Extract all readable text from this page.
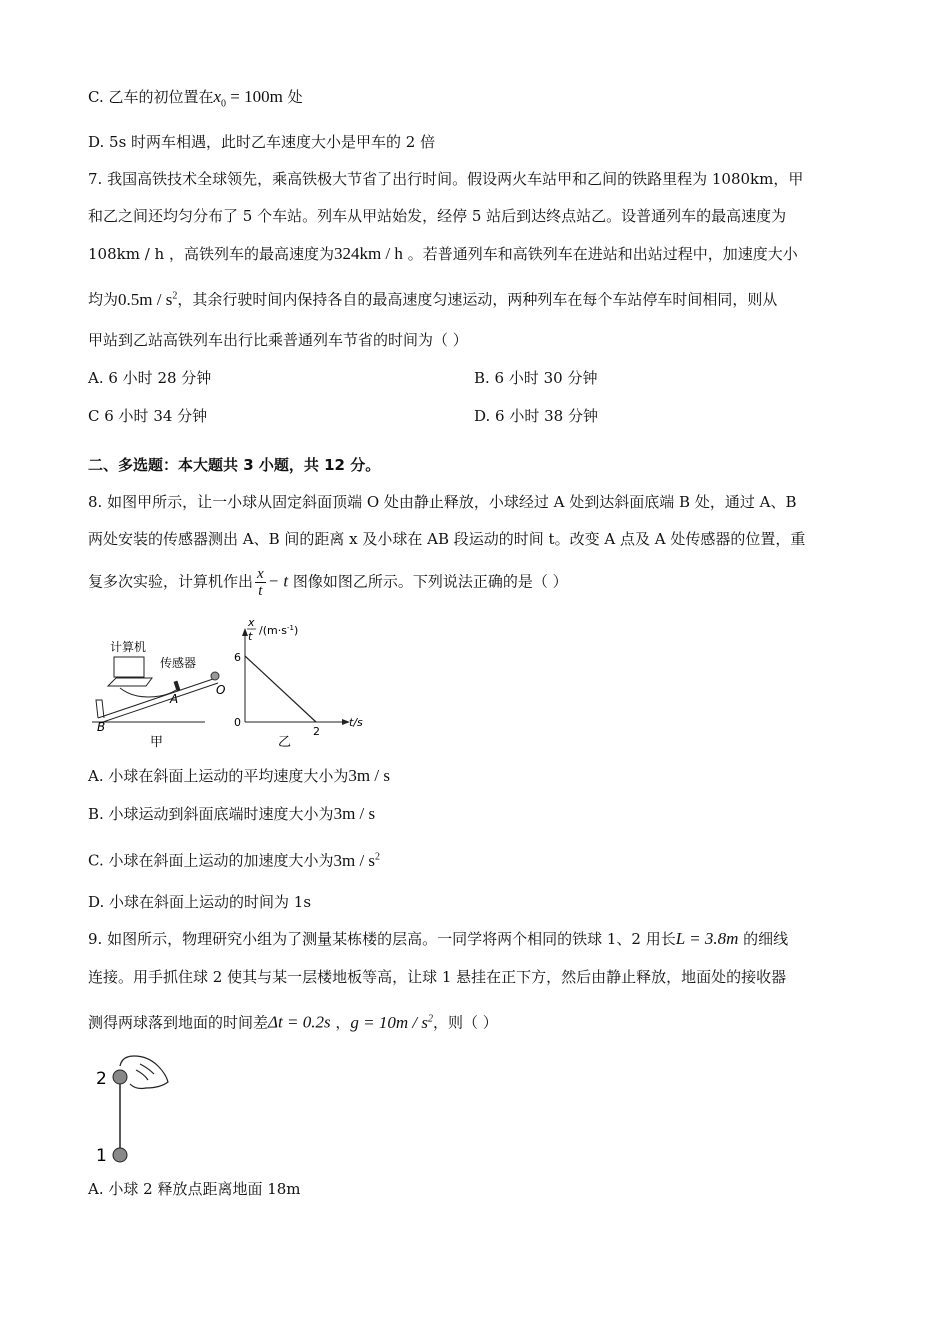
C. 乙车的初位置在$x_0 = 100m$ 处
D. 5s 时两车相遇，此时乙车速度大小是甲车的 2 倍
7. 我国高铁技术全球领先，乘高铁极大节省了出行时间。假设两火车站甲和乙间的铁路里程为 1080km，甲
和乙之间还均匀分布了 5 个车站。列车从甲站始发，经停 5 站后到达终点站乙。设普通列车的最高速度为
108km / h ，高铁列车的最高速度为324km / h 。若普通列车和高铁列车在进站和出站过程中，加速度大小
均为$0.5m / s^2$，其余行驶时间内保持各自的最高速度匀速运动，两种列车在每个车站停车时间相同，则从
甲站到乙站高铁列车出行比乘普通列车节省的时间为（ ）
A. 6 小时 28 分钟	B. 6 小时 30 分钟
C 6 小时 34 分钟	D. 6 小时 38 分钟
二、多选题：本大题共 3 小题，共 12 分。
8. 如图甲所示，让一小球从固定斜面顶端 O 处由静止释放，小球经过 A 处到达斜面底端 B 处，通过 A、B
两处安装的传感器测出 A、B 间的距离 x 及小球在 AB 段运动的时间 t。改变 A 点及 A 处传感器的位置，重
复多次实验，计算机作出 $\frac{x}{t} - t$ 图像如图乙所示。下列说法正确的是（ ）
计算机
传感器
O
A
B
甲
x
t $/(m\cdot s^{-1})$
t/s
6
0
2
乙
A. 小球在斜面上运动的平均速度大小为3m / s
B. 小球运动到斜面底端时速度大小为3m / s
C. 小球在斜面上运动的加速度大小为$3m / s^2$
D. 小球在斜面上运动的时间为 1s
9. 如图所示，物理研究小组为了测量某栋楼的层高。一同学将两个相同的铁球 1、2 用长L = 3.8m 的细线
连接。用手抓住球 2 使其与某一层楼地板等高，让球 1 悬挂在正下方，然后由静止释放，地面处的接收器
测得两球落到地面的时间差Δt = 0.2s ，$g = 10m / s^2$，则（ ）
2
1
A. 小球 2 释放点距离地面 18m
